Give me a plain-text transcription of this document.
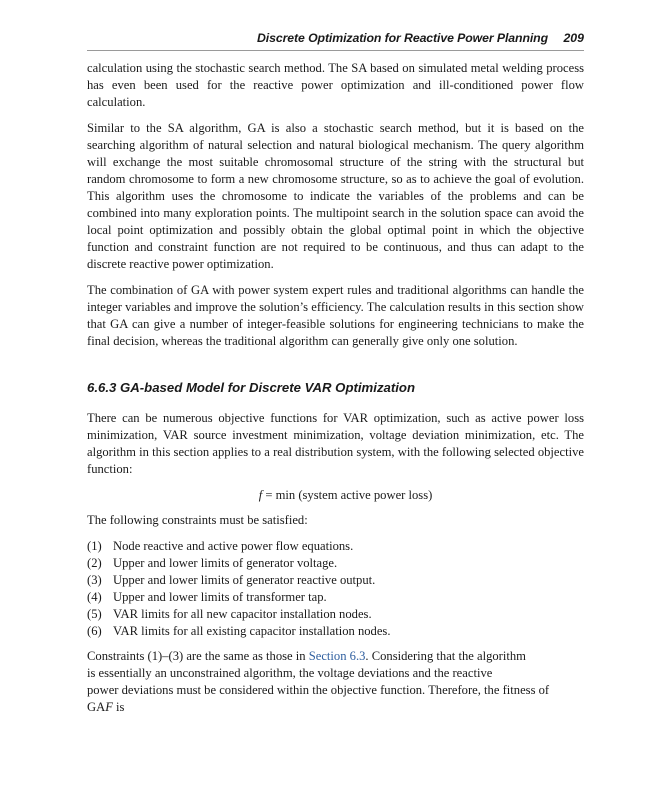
Discrete Optimization for Reactive Power Planning 209

calculation using the stochastic search method. The SA based on simulated metal welding process has even been used for the reactive power optimization and ill-conditioned power flow calculation.

Similar to the SA algorithm, GA is also a stochastic search method, but it is based on the searching algorithm of natural selection and natural biological mechanism. The query algorithm will exchange the most suitable chromosomal structure of the string with the structural but random chromosome to form a new chromosome structure, so as to achieve the goal of evolution. This algorithm uses the chromosome to indicate the variables of the problems and can be combined into many exploration points. The multipoint search in the solution space can avoid the local point optimization and possibly obtain the global optimal point in which the objective function and constraint function are not required to be continuous, and thus can adapt to the discrete reactive power optimization.

The combination of GA with power system expert rules and traditional algorithms can handle the integer variables and improve the solution’s efficiency. The calculation results in this section show that GA can give a number of integer-feasible solutions for engineering technicians to make the final decision, whereas the traditional algorithm can generally give only one solution.

6.6.3 GA-based Model for Discrete VAR Optimization

There can be numerous objective functions for VAR optimization, such as active power loss minimization, VAR source investment minimization, voltage deviation minimization, etc. The algorithm in this section applies to a real distribution system, with the following selected objective function:

f = min (system active power loss)

The following constraints must be satisfied:

(1) Node reactive and active power flow equations.
(2) Upper and lower limits of generator voltage.
(3) Upper and lower limits of generator reactive output.
(4) Upper and lower limits of transformer tap.
(5) VAR limits for all new capacitor installation nodes.
(6) VAR limits for all existing capacitor installation nodes.

Constraints (1)–(3) are the same as those in Section 6.3. Considering that the algorithm
is essentially an unconstrained algorithm, the voltage deviations and the reactive
power deviations must be considered within the objective function. Therefore, the fitness of
GAF is
